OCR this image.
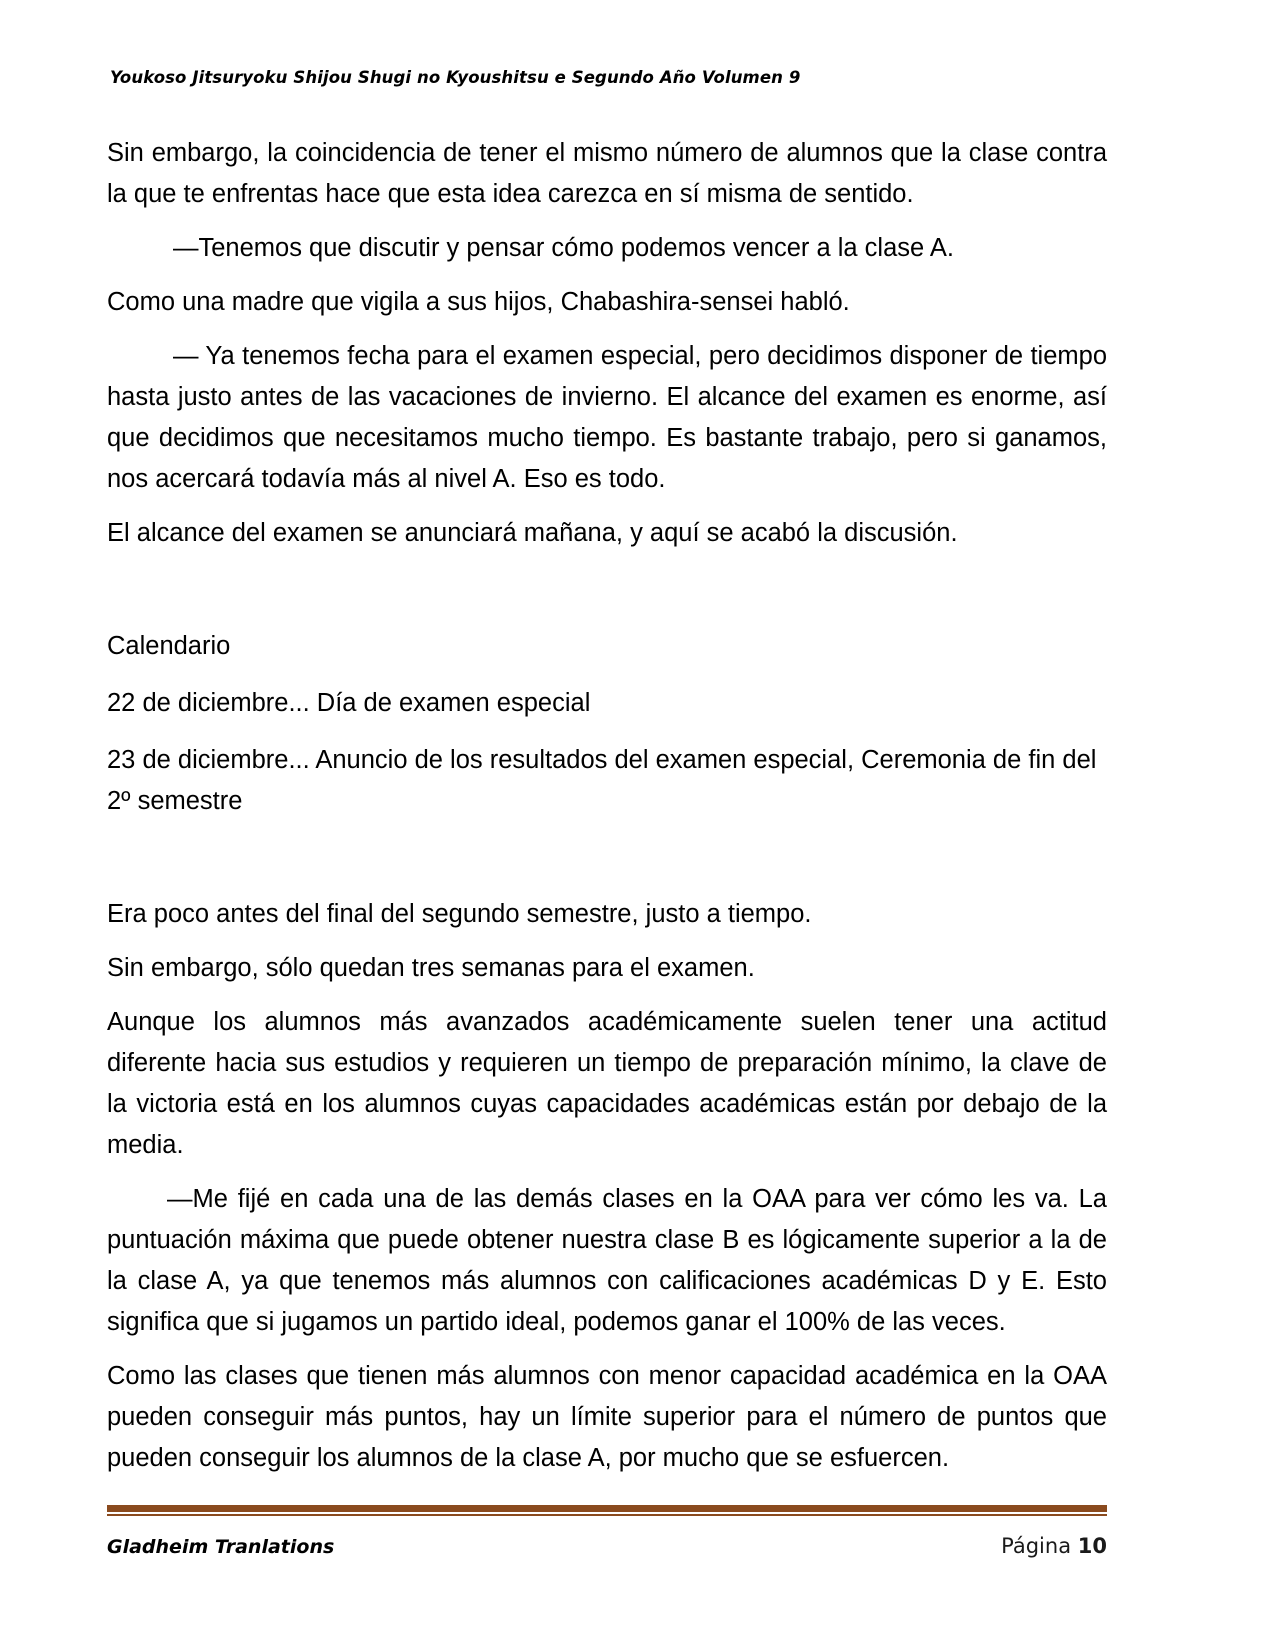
Youkoso Jitsuryoku Shijou Shugi no Kyoushitsu e Segundo Año Volumen 9

Sin embargo, la coincidencia de tener el mismo número de alumnos que la clase contra la que te enfrentas hace que esta idea carezca en sí misma de sentido.

—Tenemos que discutir y pensar cómo podemos vencer a la clase A.

Como una madre que vigila a sus hijos, Chabashira-sensei habló.

— Ya tenemos fecha para el examen especial, pero decidimos disponer de tiempo hasta justo antes de las vacaciones de invierno. El alcance del examen es enorme, así que decidimos que necesitamos mucho tiempo. Es bastante trabajo, pero si ganamos, nos acercará todavía más al nivel A. Eso es todo.

El alcance del examen se anunciará mañana, y aquí se acabó la discusión.

Calendario

22 de diciembre... Día de examen especial

23 de diciembre... Anuncio de los resultados del examen especial, Ceremonia de fin del 2º semestre

Era poco antes del final del segundo semestre, justo a tiempo.

Sin embargo, sólo quedan tres semanas para el examen.

Aunque los alumnos más avanzados académicamente suelen tener una actitud diferente hacia sus estudios y requieren un tiempo de preparación mínimo, la clave de la victoria está en los alumnos cuyas capacidades académicas están por debajo de la media.

—Me fijé en cada una de las demás clases en la OAA para ver cómo les va. La puntuación máxima que puede obtener nuestra clase B es lógicamente superior a la de la clase A, ya que tenemos más alumnos con calificaciones académicas D y E. Esto significa que si jugamos un partido ideal, podemos ganar el 100% de las veces.

Como las clases que tienen más alumnos con menor capacidad académica en la OAA pueden conseguir más puntos, hay un límite superior para el número de puntos que pueden conseguir los alumnos de la clase A, por mucho que se esfuercen.

Gladheim Tranlations	Página 10
